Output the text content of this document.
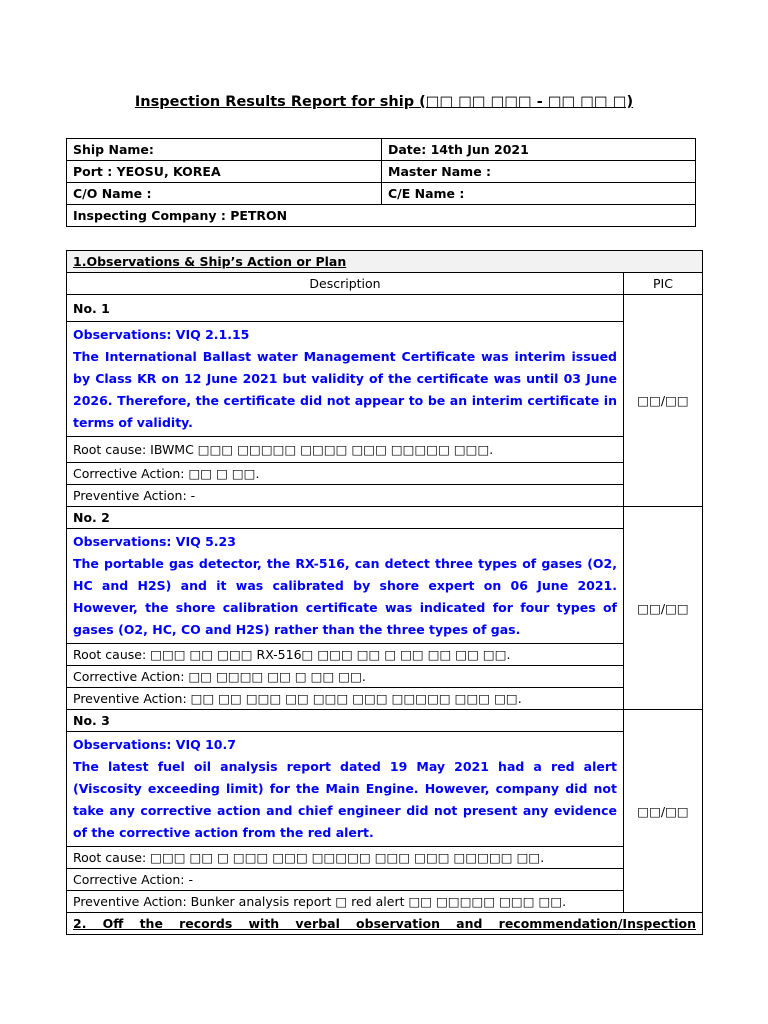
Inspection Results Report for ship (□□ □□ □□□ - □□ □□ □)
Ship Name:	Date: 14th Jun 2021
Port : YEOSU, KOREA	Master Name :
C/O Name :	C/E Name :
Inspecting Company : PETRON	
1.Observations & Ship’s Action or Plan	
Description	PIC
No. 1	□□/□□

Observations: VIQ 2.1.15
The International Ballast water Management Certificate was interim issued by Class KR on 12 June 2021 but validity of the certificate was until 03 June 2026. Therefore, the certificate did not appear to be an interim certificate in terms of validity.	

Root cause: IBWMC □□□ □□□□□ □□□□ □□□ □□□□□ □□□.	
Corrective Action: □□ □ □□.	
Preventive Action: -	
No. 2	□□/□□

Observations: VIQ 5.23
The portable gas detector, the RX-516, can detect three types of gases (O2, HC and H2S) and it was calibrated by shore expert on 06 June 2021. However, the shore calibration certificate was indicated for four types of gases (O2, HC, CO and H2S) rather than the three types of gas.	

Root cause: □□□ □□ □□□ RX-516□ □□□ □□ □ □□ □□ □□ □□.	
Corrective Action: □□ □□□□ □□ □ □□ □□.	
Preventive Action: □□ □□ □□□ □□ □□□ □□□ □□□□□ □□□ □□.	
No. 3	□□/□□

Observations: VIQ 10.7
The latest fuel oil analysis report dated 19 May 2021 had a red alert (Viscosity exceeding limit) for the Main Engine. However, company did not take any corrective action and chief engineer did not present any evidence of the corrective action from the red alert.	

Root cause: □□□ □□ □ □□□ □□□ □□□□□ □□□ □□□ □□□□□ □□.	
Corrective Action: -	
Preventive Action: Bunker analysis report □ red alert □□ □□□□□ □□□ □□.	
2. Off the records with verbal observation and recommendation/Inspection	
